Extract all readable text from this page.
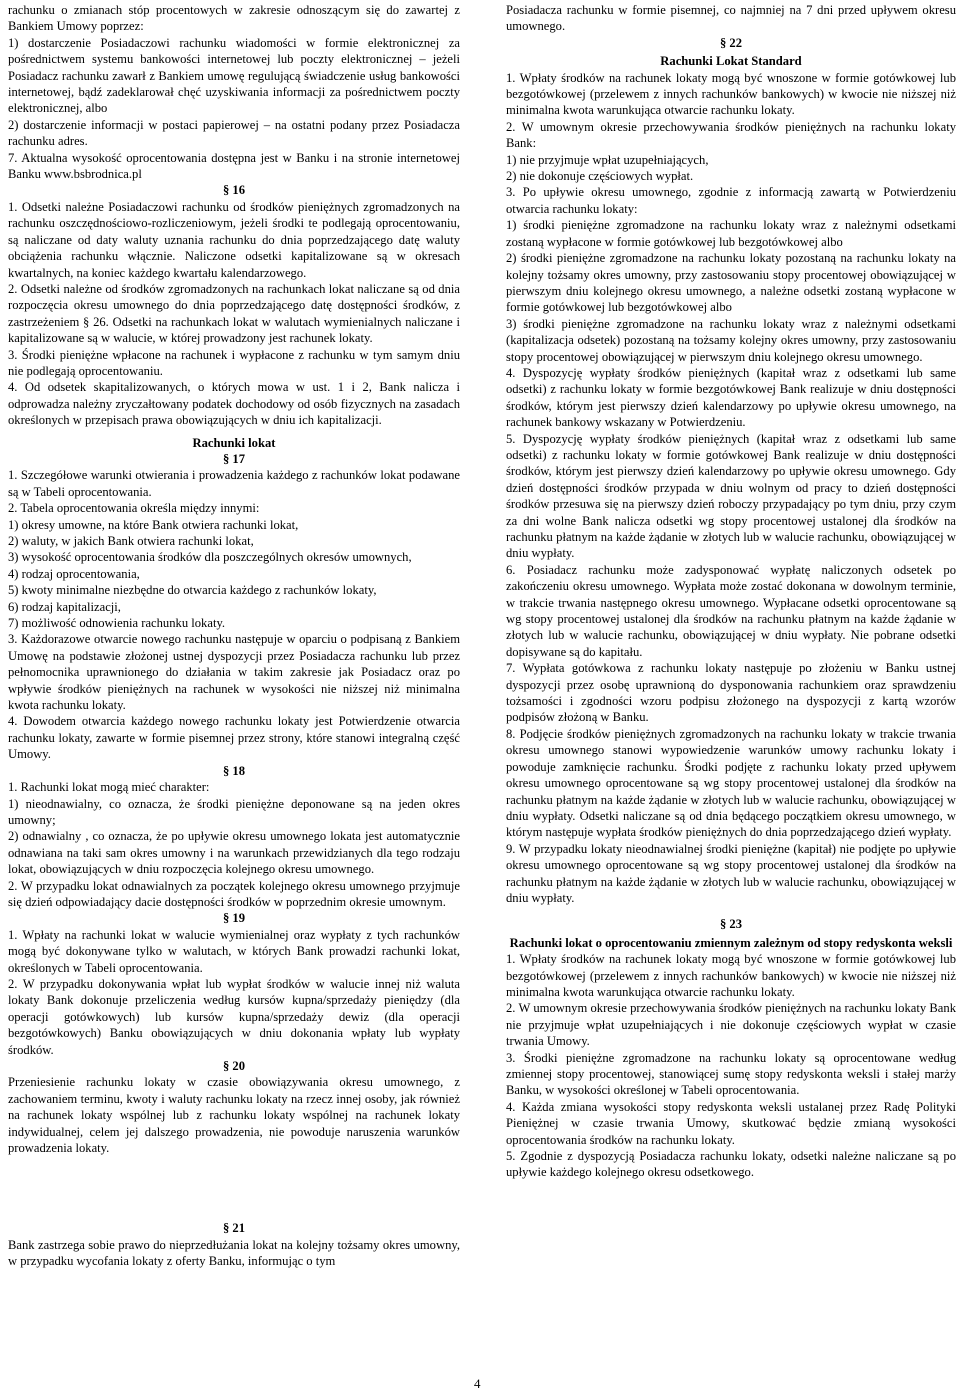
rachunku o zmianach stóp procentowych w zakresie odnoszącym się do zawartej z Bankiem Umowy poprzez:

1) dostarczenie Posiadaczowi rachunku wiadomości w formie elektronicznej za pośrednictwem systemu bankowości internetowej lub poczty elektronicznej – jeżeli Posiadacz rachunku zawarł z Bankiem umowę regulującą świadczenie usług bankowości internetowej, bądź zadeklarował chęć uzyskiwania informacji za pośrednictwem poczty elektronicznej, albo

2) dostarczenie informacji w postaci papierowej – na ostatni podany przez Posiadacza rachunku adres.

7. Aktualna wysokość oprocentowania dostępna jest w Banku i na stronie internetowej Banku www.bsbrodnica.pl

§ 16

1. Odsetki należne Posiadaczowi rachunku od środków pieniężnych zgromadzonych na rachunku oszczędnościowo-rozliczeniowym, jeżeli środki te podlegają oprocentowaniu, są naliczane od daty waluty uznania rachunku do dnia poprzedzającego datę waluty obciążenia rachunku włącznie. Naliczone odsetki kapitalizowane są w okresach kwartalnych, na koniec każdego kwartału kalendarzowego.

2. Odsetki należne od środków zgromadzonych na rachunkach lokat naliczane są od dnia rozpoczęcia okresu umownego do dnia poprzedzającego datę dostępności środków, z zastrzeżeniem § 26. Odsetki na rachunkach lokat w walutach wymienialnych naliczane i kapitalizowane są w walucie, w której prowadzony jest rachunek lokaty.

3. Środki pieniężne wpłacone na rachunek i wypłacone z rachunku w tym samym dniu nie podlegają oprocentowaniu.

4. Od odsetek skapitalizowanych, o których mowa w ust. 1 i 2, Bank nalicza i odprowadza należny zryczałtowany podatek dochodowy od osób fizycznych na zasadach określonych w przepisach prawa obowiązujących w dniu ich kapitalizacji.

Rachunki lokat

§ 17

1. Szczegółowe warunki otwierania i prowadzenia każdego z rachunków lokat podawane są w Tabeli oprocentowania.

2. Tabela oprocentowania określa między innymi:

1) okresy umowne, na które Bank otwiera rachunki lokat,

2) waluty, w jakich Bank otwiera rachunki lokat,

3) wysokość oprocentowania środków dla poszczególnych okresów umownych,

4) rodzaj oprocentowania,

5) kwoty minimalne niezbędne do otwarcia każdego z rachunków lokaty,

6) rodzaj kapitalizacji,

7) możliwość odnowienia rachunku lokaty.

3. Każdorazowe otwarcie nowego rachunku następuje w oparciu o podpisaną z Bankiem Umowę na podstawie złożonej ustnej dyspozycji przez Posiadacza rachunku lub przez pełnomocnika uprawnionego do działania w takim zakresie jak Posiadacz oraz po wpływie środków pieniężnych na rachunek w wysokości nie niższej niż minimalna kwota rachunku lokaty.

4. Dowodem otwarcia każdego nowego rachunku lokaty jest Potwierdzenie otwarcia rachunku lokaty, zawarte w formie pisemnej przez strony, które stanowi integralną część Umowy.

§ 18

1. Rachunki lokat mogą mieć charakter:

1) nieodnawialny, co oznacza, że środki pieniężne deponowane są na jeden okres umowny;

2) odnawialny , co oznacza, że po upływie okresu umownego lokata jest automatycznie odnawiana na taki sam okres umowny i na warunkach przewidzianych dla tego rodzaju lokat, obowiązujących w dniu rozpoczęcia kolejnego okresu umownego.

2. W przypadku lokat odnawialnych za początek kolejnego okresu umownego przyjmuje się dzień odpowiadający dacie dostępności środków w poprzednim okresie umownym.

§ 19

1. Wpłaty na rachunki lokat w walucie wymienialnej oraz wypłaty z tych rachunków mogą być dokonywane tylko w walutach, w których Bank prowadzi rachunki lokat, określonych w Tabeli oprocentowania.

2. W przypadku dokonywania wpłat lub wypłat środków w walucie innej niż waluta lokaty Bank dokonuje przeliczenia według kursów kupna/sprzedaży pieniędzy (dla operacji gotówkowych) lub kursów kupna/sprzedaży dewiz (dla operacji bezgotówkowych) Banku obowiązujących w dniu dokonania wpłaty lub wypłaty środków.

§ 20

Przeniesienie rachunku lokaty w czasie obowiązywania okresu umownego, z zachowaniem terminu, kwoty i waluty rachunku lokaty na rzecz innej osoby, jak również na rachunek lokaty wspólnej lub z rachunku lokaty wspólnej na rachunek lokaty indywidualnej, celem jej dalszego prowadzenia, nie powoduje naruszenia warunków prowadzenia lokaty.

§ 21

Bank zastrzega sobie prawo do nieprzedłużania lokat na kolejny tożsamy okres umowny, w przypadku wycofania lokaty z oferty Banku, informując o tym

Posiadacza rachunku w formie pisemnej, co najmniej na 7 dni przed upływem okresu umownego.

§ 22

Rachunki Lokat Standard

1. Wpłaty środków na rachunek lokaty mogą być wnoszone w formie gotówkowej lub bezgotówkowej (przelewem z innych rachunków bankowych) w kwocie nie niższej niż minimalna kwota warunkująca otwarcie rachunku lokaty.

2. W umownym okresie przechowywania środków pieniężnych na rachunku lokaty Bank:

1) nie przyjmuje wpłat uzupełniających,

2) nie dokonuje częściowych wypłat.

3. Po upływie okresu umownego, zgodnie z informacją zawartą w Potwierdzeniu otwarcia rachunku lokaty:

1) środki pieniężne zgromadzone na rachunku lokaty wraz z należnymi odsetkami zostaną wypłacone w formie gotówkowej lub bezgotówkowej albo

2) środki pieniężne zgromadzone na rachunku lokaty pozostaną na rachunku lokaty na kolejny tożsamy okres umowny, przy zastosowaniu stopy procentowej obowiązującej w pierwszym dniu kolejnego okresu umownego, a należne odsetki zostaną wypłacone w formie gotówkowej lub bezgotówkowej albo

3) środki pieniężne zgromadzone na rachunku lokaty wraz z należnymi odsetkami (kapitalizacja odsetek) pozostaną na tożsamy kolejny okres umowny, przy zastosowaniu stopy procentowej obowiązującej w pierwszym dniu kolejnego okresu umownego.

4. Dyspozycję wypłaty środków pieniężnych (kapitał wraz z odsetkami lub same odsetki) z rachunku lokaty w formie bezgotówkowej Bank realizuje w dniu dostępności środków, którym jest pierwszy dzień kalendarzowy po upływie okresu umownego, na rachunek bankowy wskazany w Potwierdzeniu.

5. Dyspozycję wypłaty środków pieniężnych (kapitał wraz z odsetkami lub same odsetki) z rachunku lokaty w formie gotówkowej Bank realizuje w dniu dostępności środków, którym jest pierwszy dzień kalendarzowy po upływie okresu umownego. Gdy dzień dostępności środków przypada w dniu wolnym od pracy to dzień dostępności środków przesuwa się na pierwszy dzień roboczy przypadający po tym dniu, przy czym za dni wolne Bank nalicza odsetki wg stopy procentowej ustalonej dla środków na rachunku płatnym na każde żądanie w złotych lub w walucie rachunku, obowiązującej w dniu wypłaty.

6. Posiadacz rachunku może zadysponować wypłatę naliczonych odsetek po zakończeniu okresu umownego. Wypłata może zostać dokonana w dowolnym terminie, w trakcie trwania następnego okresu umownego. Wypłacane odsetki oprocentowane są wg stopy procentowej ustalonej dla środków na rachunku płatnym na każde żądanie w złotych lub w walucie rachunku, obowiązującej w dniu wypłaty. Nie pobrane odsetki dopisywane są do kapitału.

7. Wypłata gotówkowa z rachunku lokaty następuje po złożeniu w Banku ustnej dyspozycji przez osobę uprawnioną do dysponowania rachunkiem oraz sprawdzeniu tożsamości i zgodności wzoru podpisu złożonego na dyspozycji z kartą wzorów podpisów złożoną w Banku.

8. Podjęcie środków pieniężnych zgromadzonych na rachunku lokaty w trakcie trwania okresu umownego stanowi wypowiedzenie warunków umowy rachunku lokaty i powoduje zamknięcie rachunku. Środki podjęte z rachunku lokaty przed upływem okresu umownego oprocentowane są wg stopy procentowej ustalonej dla środków na rachunku płatnym na każde żądanie w złotych lub w walucie rachunku, obowiązującej w dniu wypłaty. Odsetki naliczane są od dnia będącego początkiem okresu umownego, w którym następuje wypłata środków pieniężnych do dnia poprzedzającego dzień wypłaty.

9. W przypadku lokaty nieodnawialnej środki pieniężne (kapitał) nie podjęte po upływie okresu umownego oprocentowane są wg stopy procentowej ustalonej dla środków na rachunku płatnym na każde żądanie w złotych lub w walucie rachunku, obowiązującej w dniu wypłaty.

§ 23

Rachunki lokat o oprocentowaniu zmiennym zależnym od stopy redyskonta weksli

1. Wpłaty środków na rachunek lokaty mogą być wnoszone w formie gotówkowej lub bezgotówkowej (przelewem z innych rachunków bankowych) w kwocie nie niższej niż minimalna kwota warunkująca otwarcie rachunku lokaty.

2. W umownym okresie przechowywania środków pieniężnych na rachunku lokaty Bank nie przyjmuje wpłat uzupełniających i nie dokonuje częściowych wypłat w czasie trwania Umowy.

3. Środki pieniężne zgromadzone na rachunku lokaty są oprocentowane według zmiennej stopy procentowej, stanowiącej sumę stopy redyskonta weksli i stałej marży Banku, w wysokości określonej w Tabeli oprocentowania.

4. Każda zmiana wysokości stopy redyskonta weksli ustalanej przez Radę Polityki Pieniężnej w czasie trwania Umowy, skutkować będzie zmianą wysokości oprocentowania środków na rachunku lokaty.

5. Zgodnie z dyspozycją Posiadacza rachunku lokaty, odsetki należne naliczane są po upływie każdego kolejnego okresu odsetkowego.

4
